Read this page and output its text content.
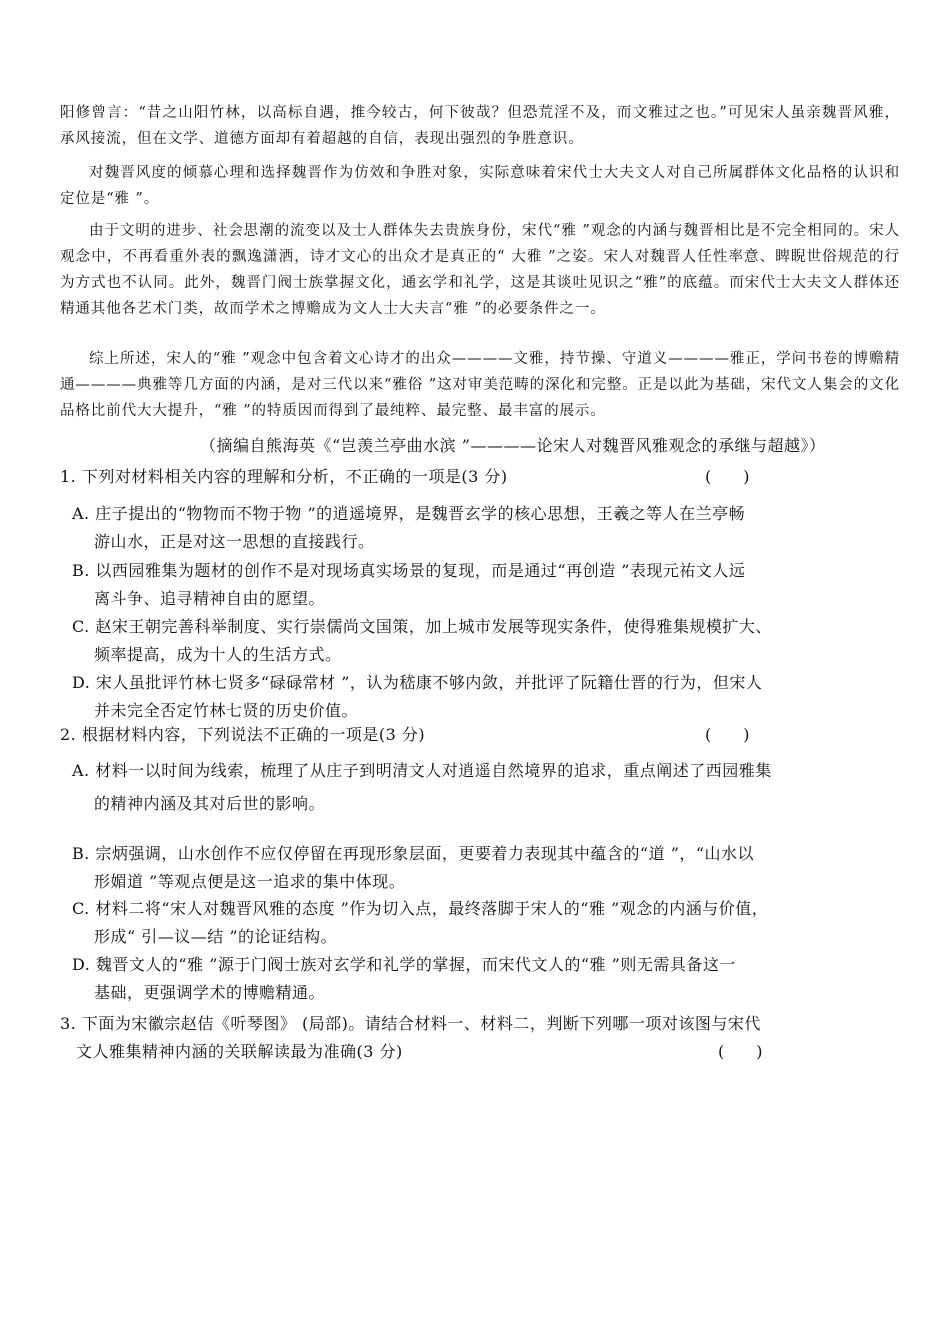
阳修曾言：“昔之山阳竹林，以高标自遇，推今较古，何下彼哉？但恐荒淫不及，而文雅过之也。”可见宋人虽亲魏晋风雅，承风接流，但在文学、道德方面却有着超越的自信，表现出强烈的争胜意识。

对魏晋风度的倾慕心理和选择魏晋作为仿效和争胜对象，实际意味着宋代士大夫文人对自己所属群体文化品格的认识和定位是“雅 ”。

由于文明的进步、社会思潮的流变以及士人群体失去贵族身份，宋代“雅 ”观念的内涵与魏晋相比是不完全相同的。宋人观念中，不再看重外表的飘逸潇洒，诗才文心的出众才是真正的“ 大雅 ”之姿。宋人对魏晋人任性率意、睥睨世俗规范的行为方式也不认同。此外，魏晋门阀士族掌握文化，通玄学和礼学，这是其谈吐见识之“雅”的底蕴。而宋代士大夫文人群体还精通其他各艺术门类，故而学术之博赡成为文人士大夫言“雅 ”的必要条件之一。

综上所述，宋人的“雅 ”观念中包含着文心诗才的出众————文雅，持节操、守道义————雅正，学问书卷的博赡精通————典雅等几方面的内涵，是对三代以来“雅俗 ”这对审美范畴的深化和完整。正是以此为基础，宋代文人集会的文化品格比前代大大提升，“雅 ”的特质因而得到了最纯粹、最完整、最丰富的展示。

（摘编自熊海英《“岂羡兰亭曲水滨 ”————论宋人对魏晋风雅观念的承继与超越》）
1. 下列对材料相关内容的理解和分析，不正确的一项是(3 分)	(　　)
A. 庄子提出的“物物而不物于物 ”的逍遥境界，是魏晋玄学的核心思想，王羲之等人在兰亭畅
游山水，正是对这一思想的直接践行。
B. 以西园雅集为题材的创作不是对现场真实场景的复现，而是通过“再创造 ”表现元祐文人远
离斗争、追寻精神自由的愿望。
C. 赵宋王朝完善科举制度、实行崇儒尚文国策，加上城市发展等现实条件，使得雅集规模扩大、
频率提高，成为十人的生活方式。
D. 宋人虽批评竹林七贤多“碌碌常材 ”，认为嵇康不够内敛，并批评了阮籍仕晋的行为，但宋人
并未完全否定竹林七贤的历史价值。
2. 根据材料内容，下列说法不正确的一项是(3 分)	(　　)
A. 材料一以时间为线索，梳理了从庄子到明清文人对逍遥自然境界的追求，重点阐述了西园雅集
的精神内涵及其对后世的影响。
B. 宗炳强调，山水创作不应仅停留在再现形象层面，更要着力表现其中蕴含的“道 ”，“山水以
形媚道 ”等观点便是这一追求的集中体现。
C. 材料二将“宋人对魏晋风雅的态度 ”作为切入点，最终落脚于宋人的“雅 ”观念的内涵与价值，
形成“ 引—议—结 ”的论证结构。
D. 魏晋文人的“雅 ”源于门阀士族对玄学和礼学的掌握，而宋代文人的“雅 ”则无需具备这一
基础，更强调学术的博赡精通。
3. 下面为宋徽宗赵佶《听琴图》 (局部)。请结合材料一、材料二，判断下列哪一项对该图与宋代
文人雅集精神内涵的关联解读最为准确(3 分)	(　　)
